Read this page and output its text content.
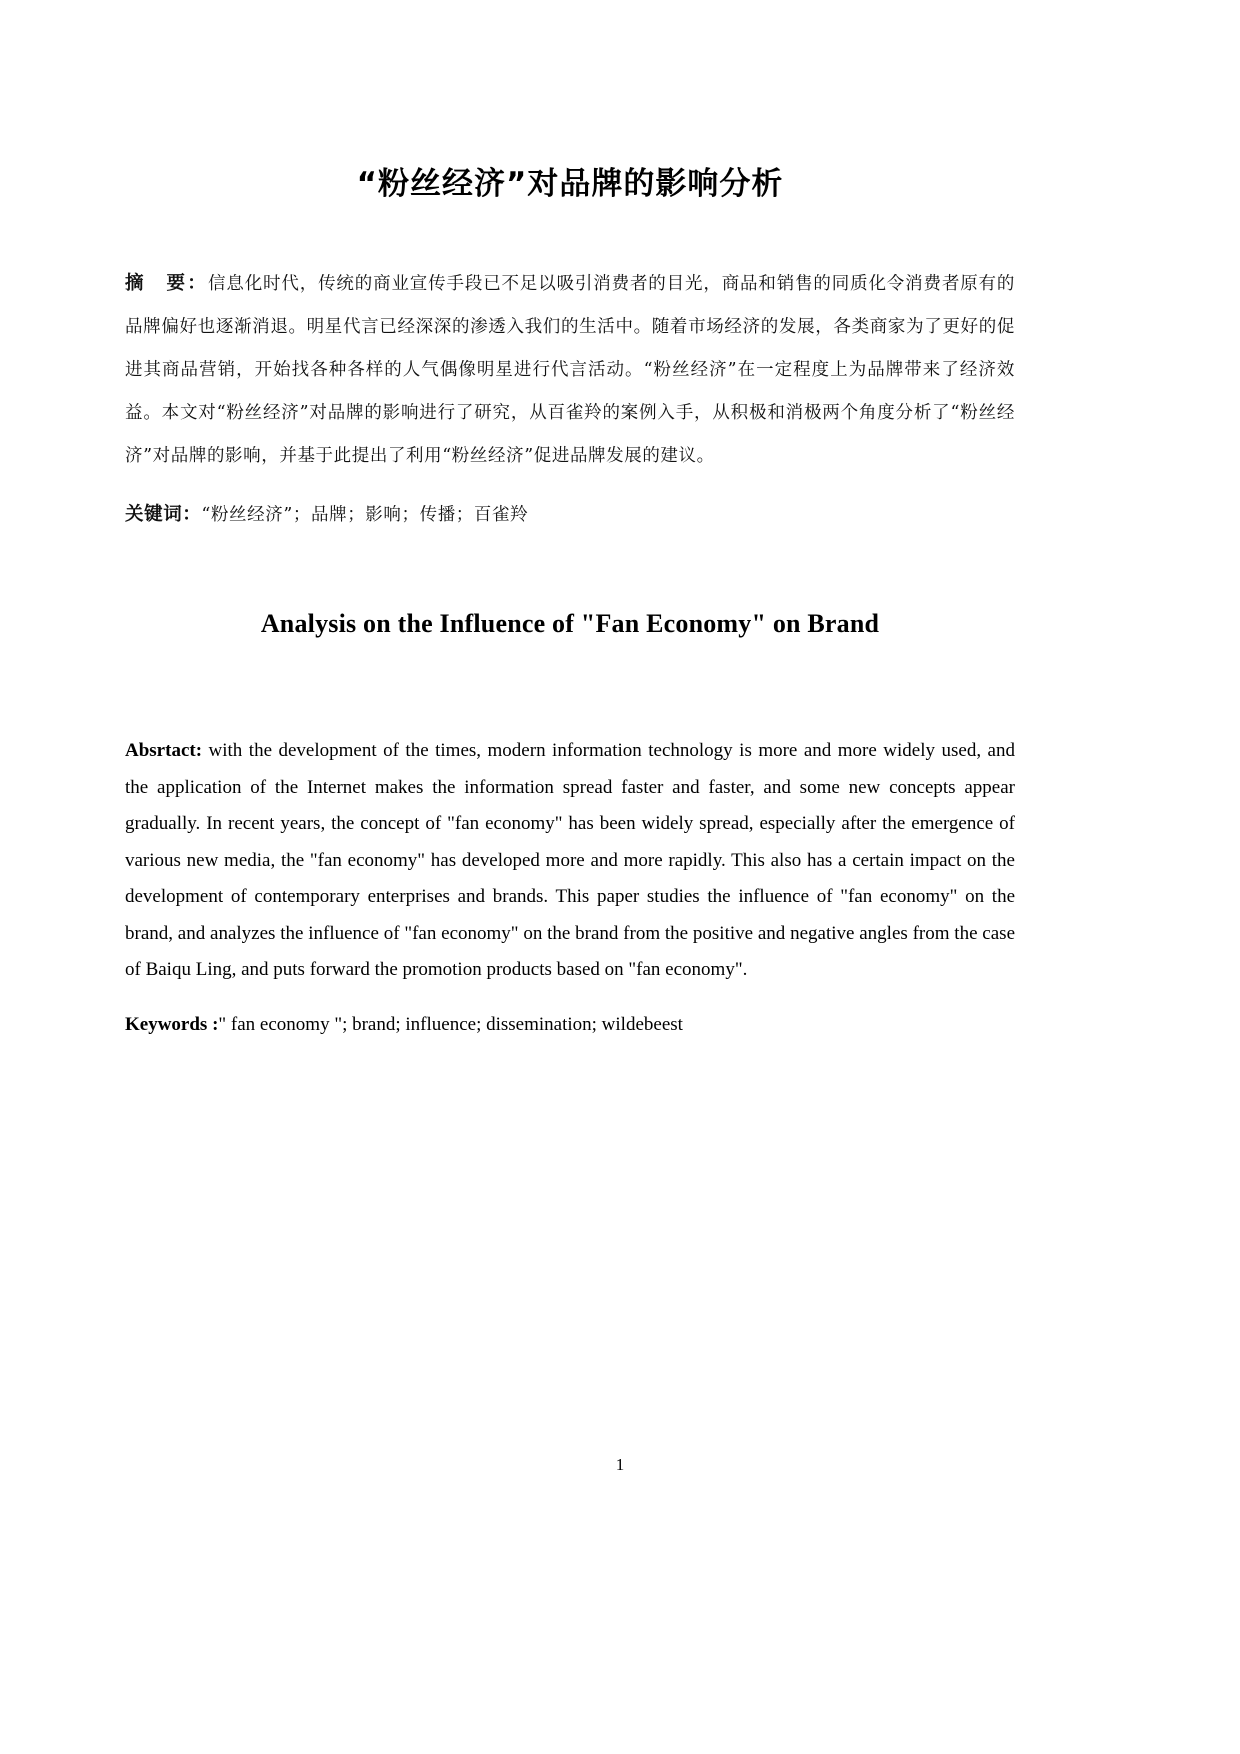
“粉丝经济”对品牌的影响分析

摘　要：信息化时代，传统的商业宣传手段已不足以吸引消费者的目光，商品和销售的同质化令消费者原有的品牌偏好也逐渐消退。明星代言已经深深的渗透入我们的生活中。随着市场经济的发展，各类商家为了更好的促进其商品营销，开始找各种各样的人气偶像明星进行代言活动。“粉丝经济”在一定程度上为品牌带来了经济效益。本文对“粉丝经济”对品牌的影响进行了研究，从百雀羚的案例入手，从积极和消极两个角度分析了“粉丝经济”对品牌的影响，并基于此提出了利用“粉丝经济”促进品牌发展的建议。

关键词：“粉丝经济”；品牌；影响；传播；百雀羚

Analysis on the Influence of "Fan Economy" on Brand

Absrtact: with the development of the times, modern information technology is more and more widely used, and the application of the Internet makes the information spread faster and faster, and some new concepts appear gradually. In recent years, the concept of "fan economy" has been widely spread, especially after the emergence of various new media, the "fan economy" has developed more and more rapidly. This also has a certain impact on the development of contemporary enterprises and brands. This paper studies the influence of "fan economy" on the brand, and analyzes the influence of "fan economy" on the brand from the positive and negative angles from the case of Baiqu Ling, and puts forward the promotion products based on "fan economy".

Keywords :" fan economy "; brand; influence; dissemination; wildebeest

1
